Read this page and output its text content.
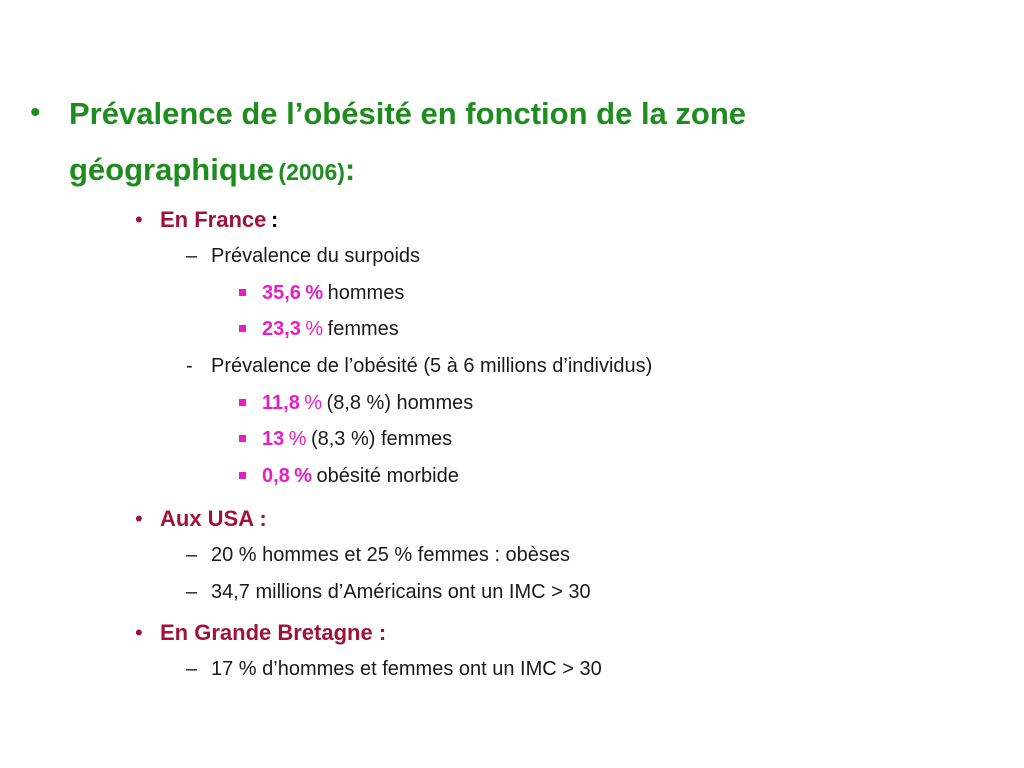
• Prévalence de l’obésité en fonction de la zone
géographique (2006):
• En France :
– Prévalence du surpoids
35,6 % hommes
23,3 % femmes
- Prévalence de l’obésité (5 à 6 millions d’individus)
11,8 % (8,8 %) hommes
13 % (8,3 %) femmes
0,8 % obésité morbide
• Aux USA :
– 20 % hommes et 25 % femmes : obèses
– 34,7 millions d’Américains ont un IMC > 30
• En Grande Bretagne :
– 17 % d’hommes et femmes ont un IMC > 30
